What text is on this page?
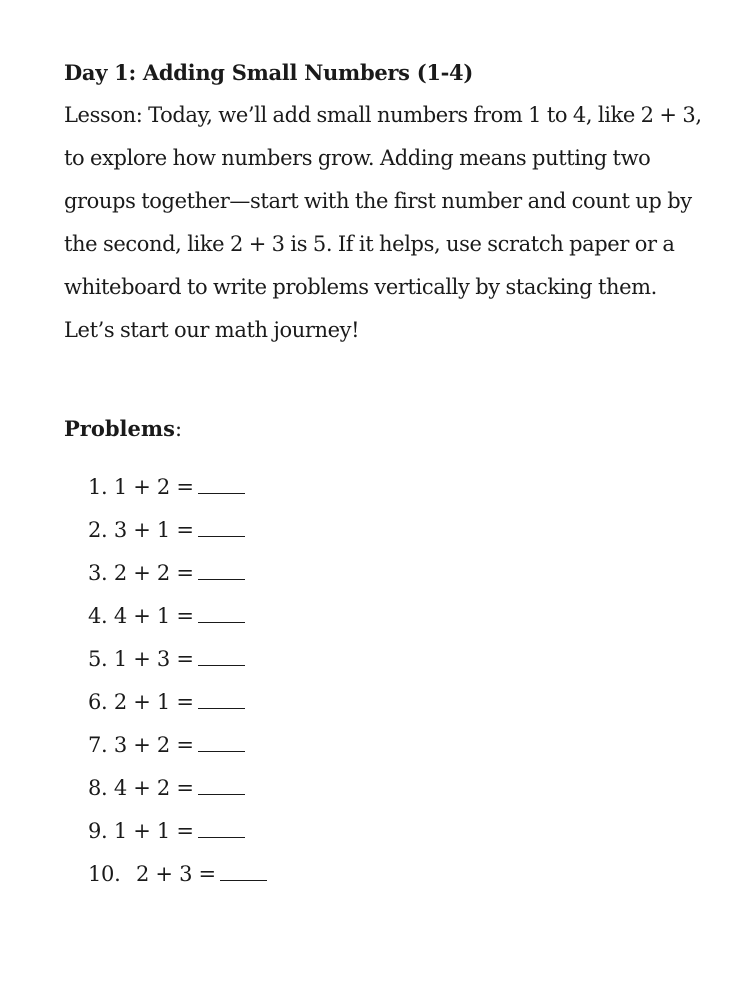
Day 1: Adding Small Numbers (1-4)

Lesson: Today, we’ll add small numbers from 1 to 4, like 2 + 3, to explore how numbers grow. Adding means putting two groups together—start with the first number and count up by the second, like 2 + 3 is 5. If it helps, use scratch paper or a whiteboard to write problems vertically by stacking them. Let’s start our math journey!

Problems:

1. 1 + 2 =
2. 3 + 1 =
3. 2 + 2 =
4. 4 + 1 =
5. 1 + 3 =
6. 2 + 1 =
7. 3 + 2 =
8. 4 + 2 =
9. 1 + 1 =
10. 2 + 3 =
